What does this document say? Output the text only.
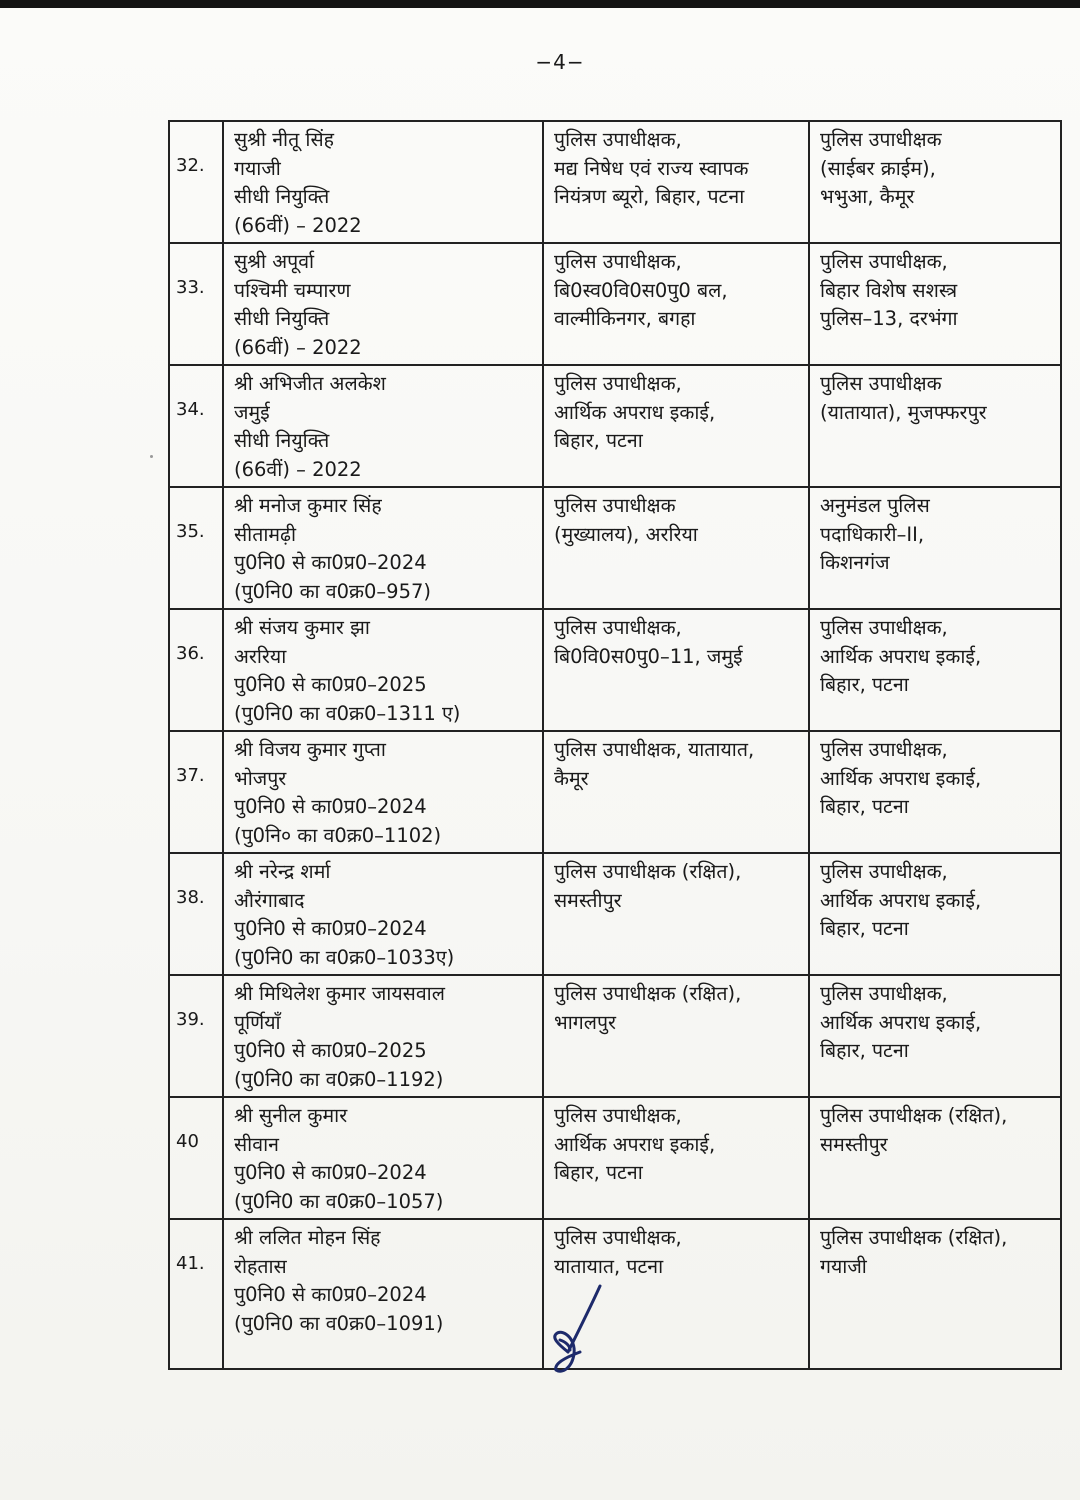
−4−
32.	सुश्री नीतू सिंह
गयाजी
सीधी नियुक्ति
(66वीं) – 2022	पुलिस उपाधीक्षक,
मद्य निषेध एवं राज्य स्वापक
नियंत्रण ब्यूरो, बिहार, पटना	पुलिस उपाधीक्षक
(साईबर क्राईम),
भभुआ, कैमूर

33.	सुश्री अपूर्वा
पश्चिमी चम्पारण
सीधी नियुक्ति
(66वीं) – 2022	पुलिस उपाधीक्षक,
बि0स्व0वि0स0पु0 बल,
वाल्मीकिनगर, बगहा	पुलिस उपाधीक्षक,
बिहार विशेष सशस्त्र
पुलिस–13, दरभंगा

34.	श्री अभिजीत अलकेश
जमुई
सीधी नियुक्ति
(66वीं) – 2022	पुलिस उपाधीक्षक,
आर्थिक अपराध इकाई,
बिहार, पटना	पुलिस उपाधीक्षक
(यातायात), मुजफ्फरपुर

35.	श्री मनोज कुमार सिंह
सीतामढ़ी
पु0नि0 से का0प्र0–2024
(पु0नि0 का व0क्र0–957)	पुलिस उपाधीक्षक
(मुख्यालय), अररिया	अनुमंडल पुलिस
पदाधिकारी–II,
किशनगंज

36.	श्री संजय कुमार झा
अररिया
पु0नि0 से का0प्र0–2025
(पु0नि0 का व0क्र0–1311 ए)	पुलिस उपाधीक्षक,
बि0वि0स0पु0–11, जमुई	पुलिस उपाधीक्षक,
आर्थिक अपराध इकाई,
बिहार, पटना

37.	श्री विजय कुमार गुप्ता
भोजपुर
पु0नि0 से का0प्र0–2024
(पु0नि० का व0क्र0–1102)	पुलिस उपाधीक्षक, यातायात,
कैमूर	पुलिस उपाधीक्षक,
आर्थिक अपराध इकाई,
बिहार, पटना

38.	श्री नरेन्द्र शर्मा
औरंगाबाद
पु0नि0 से का0प्र0–2024
(पु0नि0 का व0क्र0–1033ए)	पुलिस उपाधीक्षक (रक्षित),
समस्तीपुर	पुलिस उपाधीक्षक,
आर्थिक अपराध इकाई,
बिहार, पटना

39.	श्री मिथिलेश कुमार जायसवाल
पूर्णियाँ
पु0नि0 से का0प्र0–2025
(पु0नि0 का व0क्र0–1192)	पुलिस उपाधीक्षक (रक्षित),
भागलपुर	पुलिस उपाधीक्षक,
आर्थिक अपराध इकाई,
बिहार, पटना

40	श्री सुनील कुमार
सीवान
पु0नि0 से का0प्र0–2024
(पु0नि0 का व0क्र0–1057)	पुलिस उपाधीक्षक,
आर्थिक अपराध इकाई,
बिहार, पटना	पुलिस उपाधीक्षक (रक्षित),
समस्तीपुर

41.	श्री ललित मोहन सिंह
रोहतास
पु0नि0 से का0प्र0–2024
(पु0नि0 का व0क्र0–1091)	पुलिस उपाधीक्षक,
यातायात, पटना	पुलिस उपाधीक्षक (रक्षित),
गयाजी
